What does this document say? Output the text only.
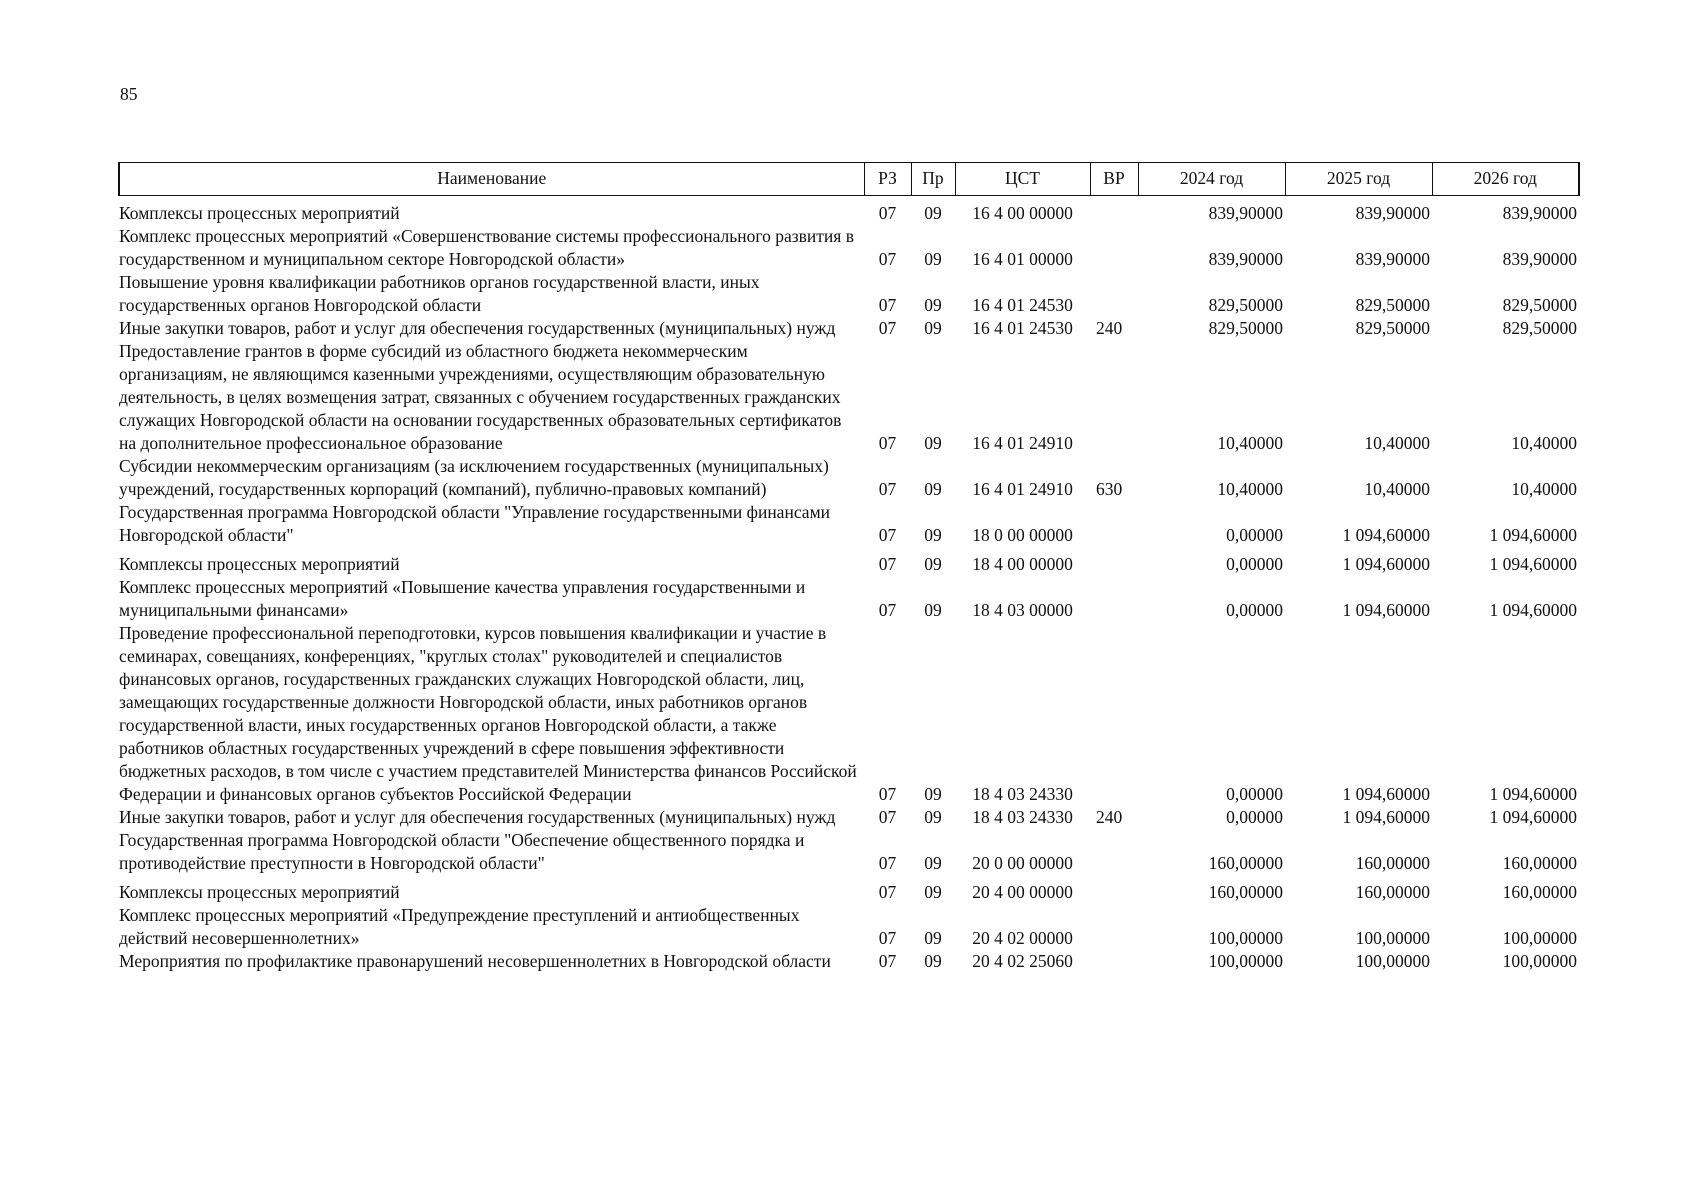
85
Наименование	РЗ	Пр	ЦСТ	ВР	2024 год	2025 год	2026 год
Комплексы процессных мероприятий	07	09	16 4 00 00000		839,90000	839,90000	839,90000
Комплекс процессных мероприятий «Совершенствование системы профессионального развития в государственном и муниципальном секторе Новгородской области»	07	09	16 4 01 00000		839,90000	839,90000	839,90000
Повышение уровня квалификации работников органов государственной власти, иных государственных органов Новгородской области	07	09	16 4 01 24530		829,50000	829,50000	829,50000
Иные закупки товаров, работ и услуг для обеспечения государственных (муниципальных) нужд	07	09	16 4 01 24530	240	829,50000	829,50000	829,50000
Предоставление грантов в форме субсидий из областного бюджета некоммерческим организациям, не являющимся казенными учреждениями, осуществляющим образовательную деятельность, в целях возмещения затрат, связанных с обучением государственных гражданских служащих Новгородской области на основании государственных образовательных сертификатов на дополнительное профессиональное образование	07	09	16 4 01 24910		10,40000	10,40000	10,40000
Субсидии некоммерческим организациям (за исключением государственных (муниципальных) учреждений, государственных корпораций (компаний), публично-правовых компаний)	07	09	16 4 01 24910	630	10,40000	10,40000	10,40000
Государственная программа Новгородской области "Управление государственными финансами Новгородской области"	07	09	18 0 00 00000		0,00000	1 094,60000	1 094,60000
Комплексы процессных мероприятий	07	09	18 4 00 00000		0,00000	1 094,60000	1 094,60000
Комплекс процессных мероприятий «Повышение качества управления государственными и муниципальными финансами»	07	09	18 4 03 00000		0,00000	1 094,60000	1 094,60000
Проведение профессиональной переподготовки, курсов повышения квалификации и участие в семинарах, совещаниях, конференциях, "круглых столах" руководителей и специалистов финансовых органов, государственных гражданских служащих Новгородской области, лиц, замещающих государственные должности Новгородской области, иных работников органов государственной власти, иных государственных органов Новгородской области, а также работников областных государственных учреждений в сфере повышения эффективности бюджетных расходов, в том числе с участием представителей Министерства финансов Российской Федерации и финансовых органов субъектов Российской Федерации	07	09	18 4 03 24330		0,00000	1 094,60000	1 094,60000
Иные закупки товаров, работ и услуг для обеспечения государственных (муниципальных) нужд	07	09	18 4 03 24330	240	0,00000	1 094,60000	1 094,60000
Государственная программа Новгородской области "Обеспечение общественного порядка и противодействие преступности в Новгородской области"	07	09	20 0 00 00000		160,00000	160,00000	160,00000
Комплексы процессных мероприятий	07	09	20 4 00 00000		160,00000	160,00000	160,00000
Комплекс процессных мероприятий «Предупреждение преступлений и антиобщественных действий несовершеннолетних»	07	09	20 4 02 00000		100,00000	100,00000	100,00000
Мероприятия по профилактике правонарушений несовершеннолетних в Новгородской области	07	09	20 4 02 25060		100,00000	100,00000	100,00000
